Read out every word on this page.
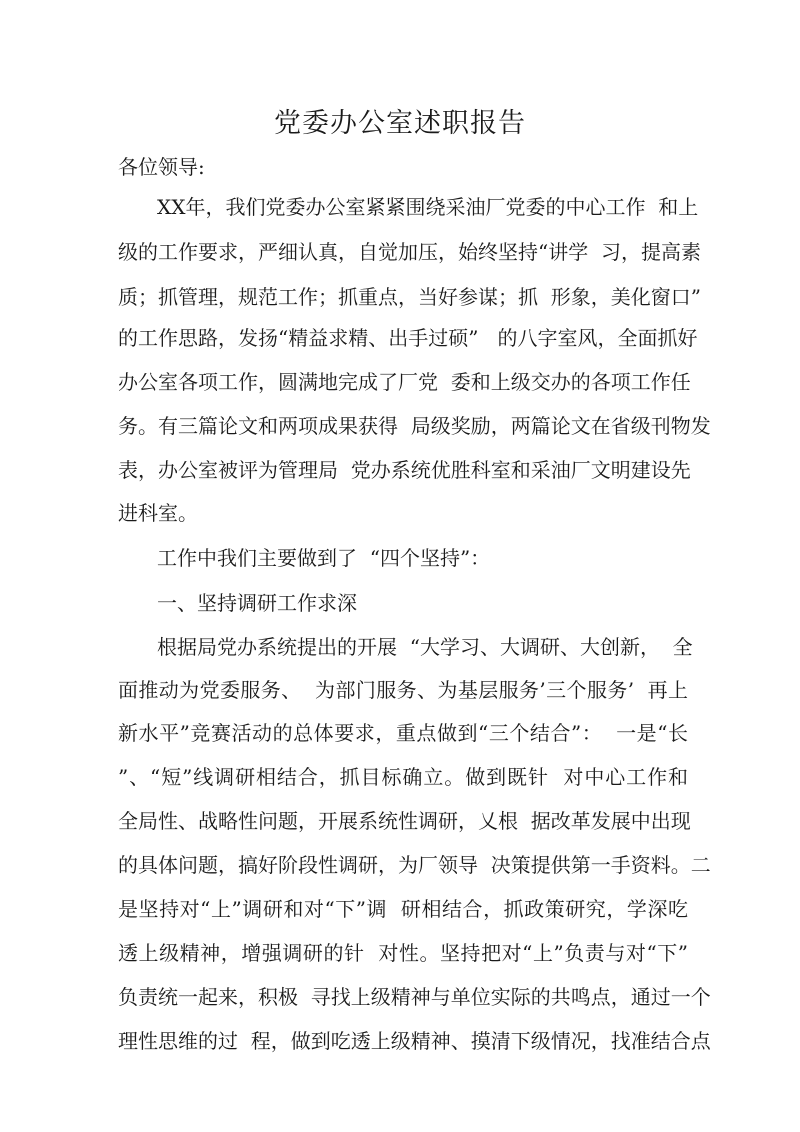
党委办公室述职报告

各位领导:

XX年，我们党委办公室紧紧围绕采油厂党委的中心工作  和上

级的工作要求，严细认真，自觉加压，始终坚持“讲学  习，提高素

质；抓管理，规范工作；抓重点，当好参谋；抓  形象，美化窗口”

的工作思路，发扬“精益求精、出手过硕”   的八字室风，全面抓好

办公室各项工作，圆满地完成了厂党  委和上级交办的各项工作任

务。有三篇论文和两项成果获得  局级奖励，两篇论文在省级刊物发

表，办公室被评为管理局  党办系统优胜科室和采油厂文明建设先

进科室。

工作中我们主要做到了  “四个坚持”：

一、坚持调研工作求深

根据局党办系统提出的开展  “大学习、大调研、大创新，  全

面推动为党委服务、  为部门服务、为基层服务’三个服务’  再上

新水平”竞赛活动的总体要求，重点做到“三个结合”：  一是“长

”、“短”线调研相结合，抓目标确立。做到既针  对中心工作和

全局性、战略性问题，开展系统性调研，乂根  据改革发展中出现

的具体问题，搞好阶段性调研，为厂领导  决策提供第一手资料。二

是坚持对“上”调研和对“下”调  研相结合，抓政策研究，学深吃

透上级精神，增强调研的针  对性。坚持把对“上”负责与对“下”

负责统一起来，积极  寻找上级精神与单位实际的共鸣点，通过一个

理性思维的过  程，做到吃透上级精神、摸清下级情况，找准结合点
